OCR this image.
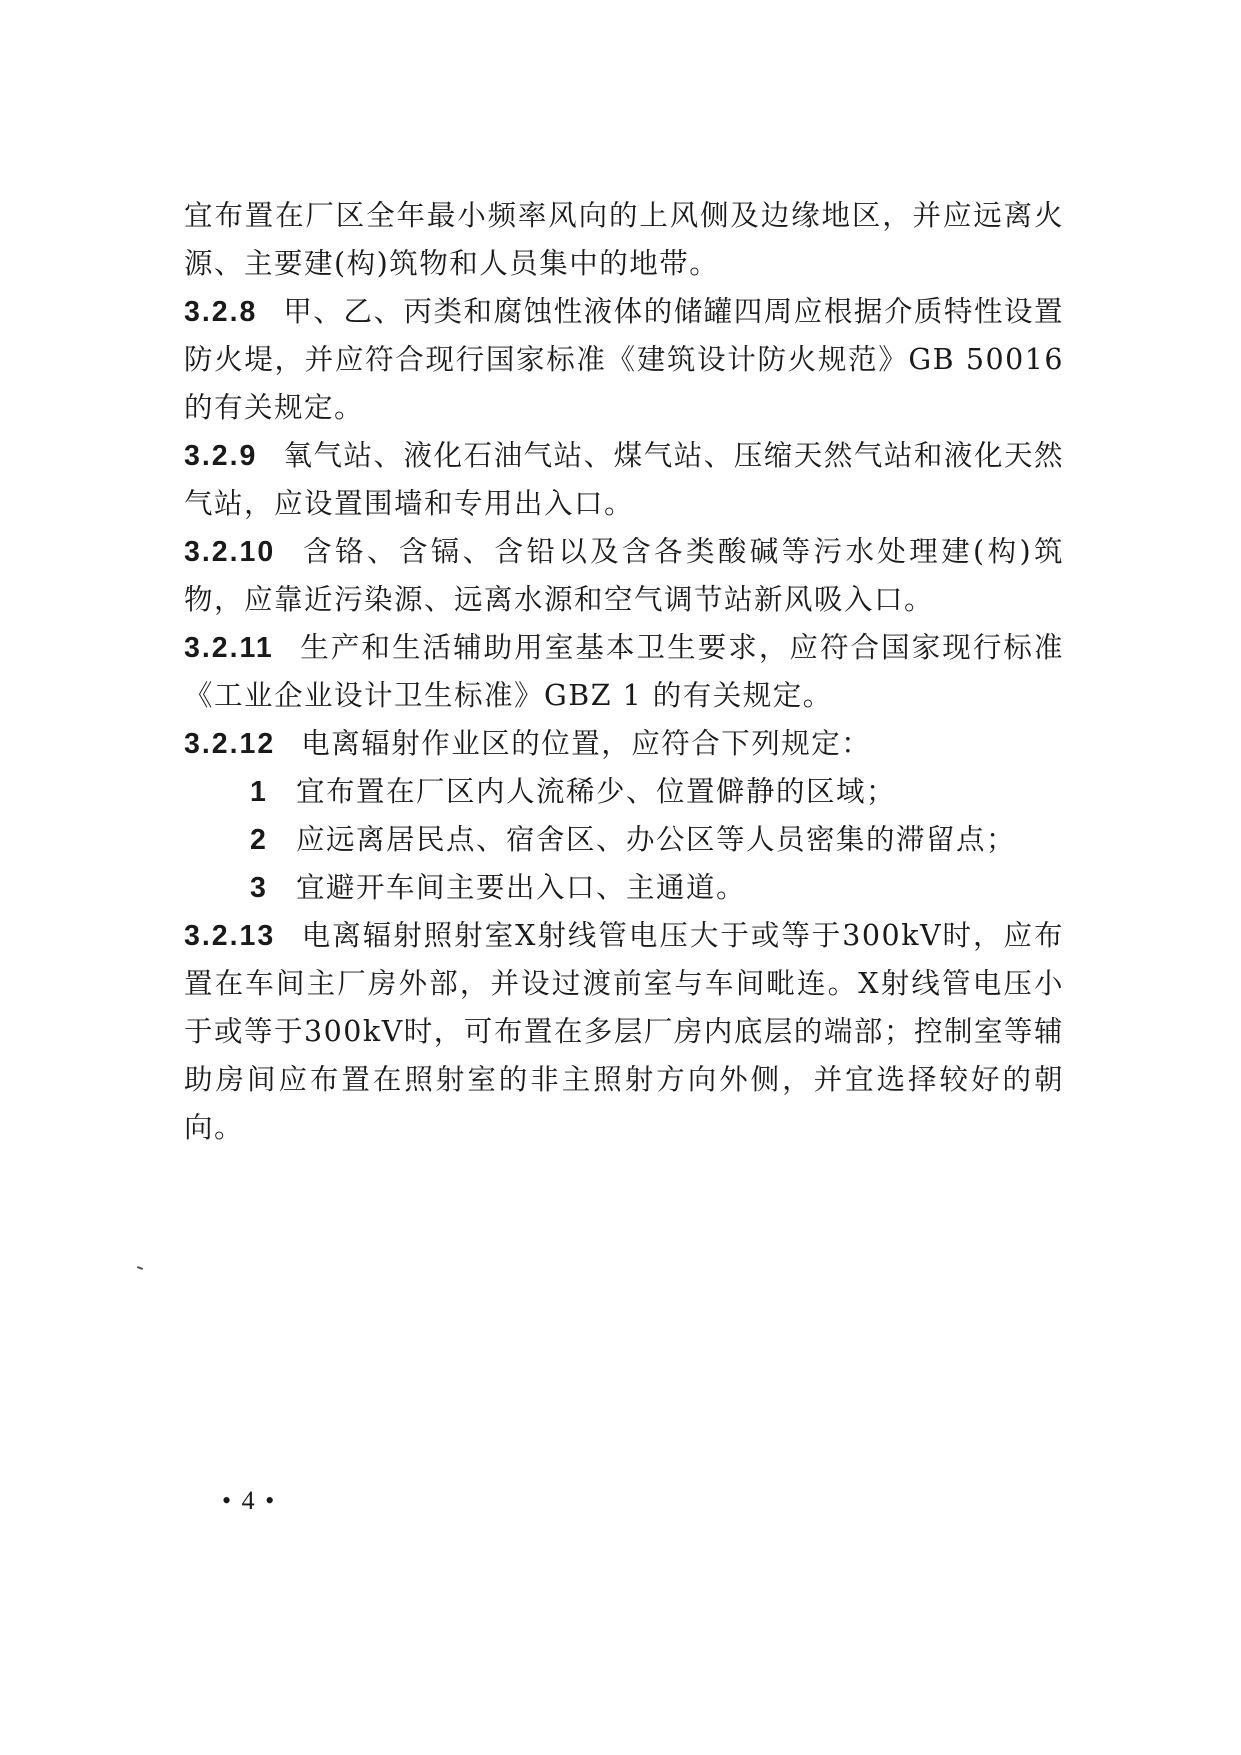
宜布置在厂区全年最小频率风向的上风侧及边缘地区，并应远离火源、主要建(构)筑物和人员集中的地带。

3.2.8 甲、乙、丙类和腐蚀性液体的储罐四周应根据介质特性设置防火堤，并应符合现行国家标准《建筑设计防火规范》GB 50016的有关规定。

3.2.9 氧气站、液化石油气站、煤气站、压缩天然气站和液化天然气站，应设置围墙和专用出入口。

3.2.10 含铬、含镉、含铅以及含各类酸碱等污水处理建(构)筑物，应靠近污染源、远离水源和空气调节站新风吸入口。

3.2.11 生产和生活辅助用室基本卫生要求，应符合国家现行标准《工业企业设计卫生标准》GBZ 1 的有关规定。

3.2.12 电离辐射作业区的位置，应符合下列规定：

1 宜布置在厂区内人流稀少、位置僻静的区域；

2 应远离居民点、宿舍区、办公区等人员密集的滞留点；

3 宜避开车间主要出入口、主通道。

3.2.13 电离辐射照射室X射线管电压大于或等于300kV时，应布置在车间主厂房外部，并设过渡前室与车间毗连。X射线管电压小于或等于300kV时，可布置在多层厂房内底层的端部；控制室等辅助房间应布置在照射室的非主照射方向外侧，并宜选择较好的朝向。

• 4 •
